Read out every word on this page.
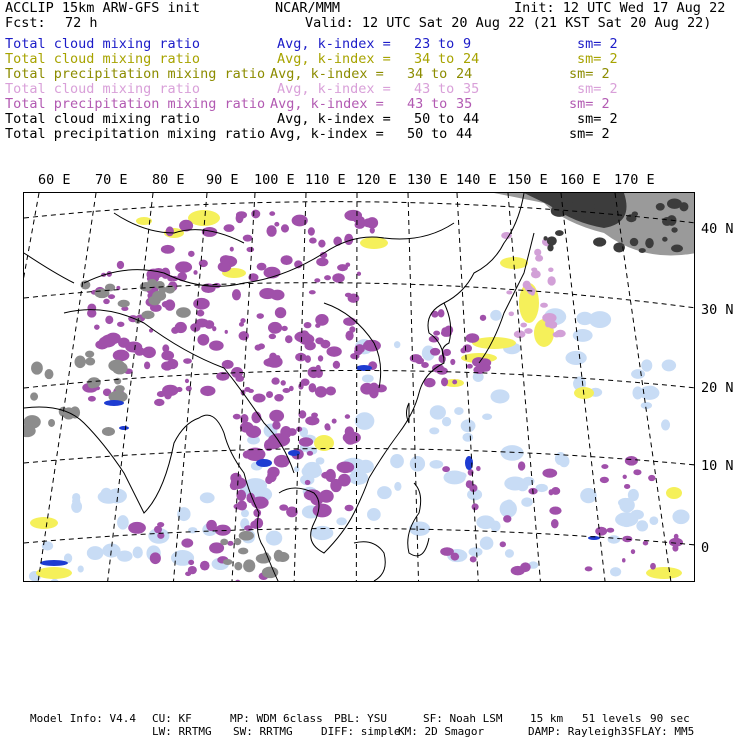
ACCLIP 15km ARW-GFS init	NCAR/MMM	Init: 12 UTC Wed 17 Aug 22
Fcst: 72 h	Valid: 12 UTC Sat 20 Aug 22 (21 KST Sat 20 Aug 22)
Total cloud mixing ratio	Avg, k-index = 23 to 9	sm= 2
Total cloud mixing ratio	Avg, k-index = 34 to 24	sm= 2
Total precipitation mixing ratio Avg, k-index = 34 to 24	sm= 2
Total cloud mixing ratio	Avg, k-index = 43 to 35	sm= 2
Total precipitation mixing ratio Avg, k-index = 43 to 35	sm= 2
Total cloud mixing ratio	Avg, k-index = 50 to 44	sm= 2
Total precipitation mixing ratio Avg, k-index = 50 to 44	sm= 2
60 E 70 E 80 E 90 E 100 E 110 E 120 E 130 E 140 E 150 E 160 E 170 E
40 N
30 N
20 N
10 N
0
Model Info: V4.4 CU: KF	MP: WDM 6class PBL: YSU	SF: Noah LSM	15 km 51 levels 90 sec
LW: RRTMG SW: RRTMG	DIFF: simple
KM: 2D Smagor	DAMP: Rayleigh3 SFLAY: MM5
